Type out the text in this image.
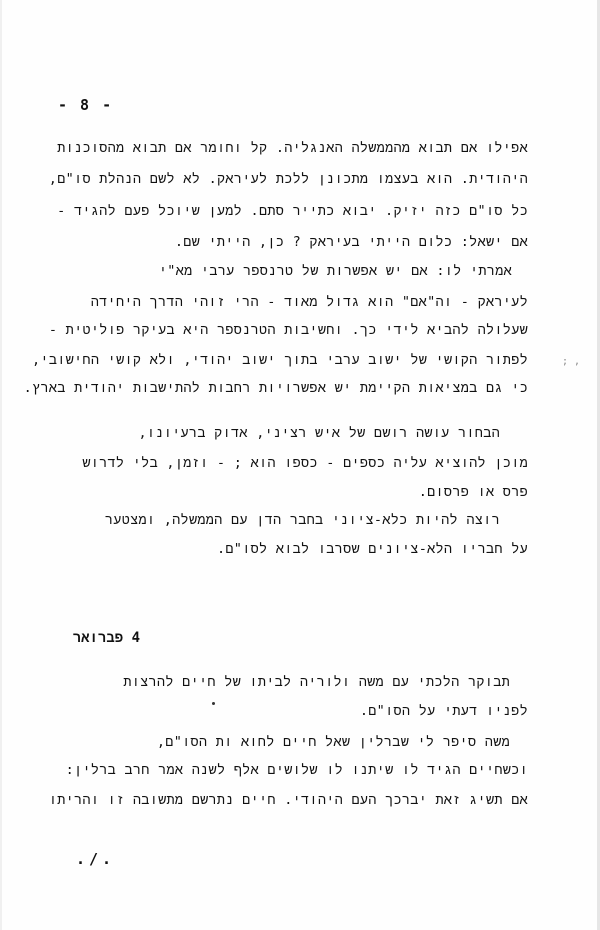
- 8 -
אפילו אם תבוא מהממשלה האנגליה. קל וחומר אם תבוא מהסוכנות
היהודית. הוא בעצמו מתכונן ללכת לעיראק. לא לשם הנהלת סו"ם,
כל סו"ם כזה יזיק. יבוא כתייר סתם. למען שיוכל פעם להגיד -
אם ישאל: כלום הייתי בעיראק ? כן, הייתי שם.
אמרתי לו: אם יש אפשרות של טרנספר ערבי מא"י
לעיראק - וה"אם" הוא גדול מאוד - הרי זוהי הדרך היחידה
שעלולה להביא לידי כך. וחשיבות הטרנספר היא בעיקר פוליטית -
לפתור הקושי של ישוב ערבי בתוך ישוב יהודי, ולא קושי החישובי,
כי גם במציאות הקיימת יש אפשרויות רחבות להתישבות יהודית בארץ.
הבחור עושה רושם של איש רציני, אדוק ברעיונו,
מוכן להוציא עליה כספים - כספו הוא ; - וזמן, בלי לדרוש
פרס או פרסום.
רוצה להיות כלא-ציוני בחבר הדן עם הממשלה, ומצטער
על חבריו הלא-ציונים שסרבו לבוא לסו"ם.
4 פברואר
תבוקר הלכתי עם משה ולוריה לביתו של חיים להרצות
לפניו דעתי על הסו"ם.
משה סיפר לי שברלין שאל חיים לחוא ות הסו"ם,
וכשחיים הגיד לו שיתנו לו שלושים אלף לשנה אמר חרב ברלין:
אם תשיג זאת יברכך העם היהודי. חיים נתרשם מתשובה זו והריתו
; ,
./.
